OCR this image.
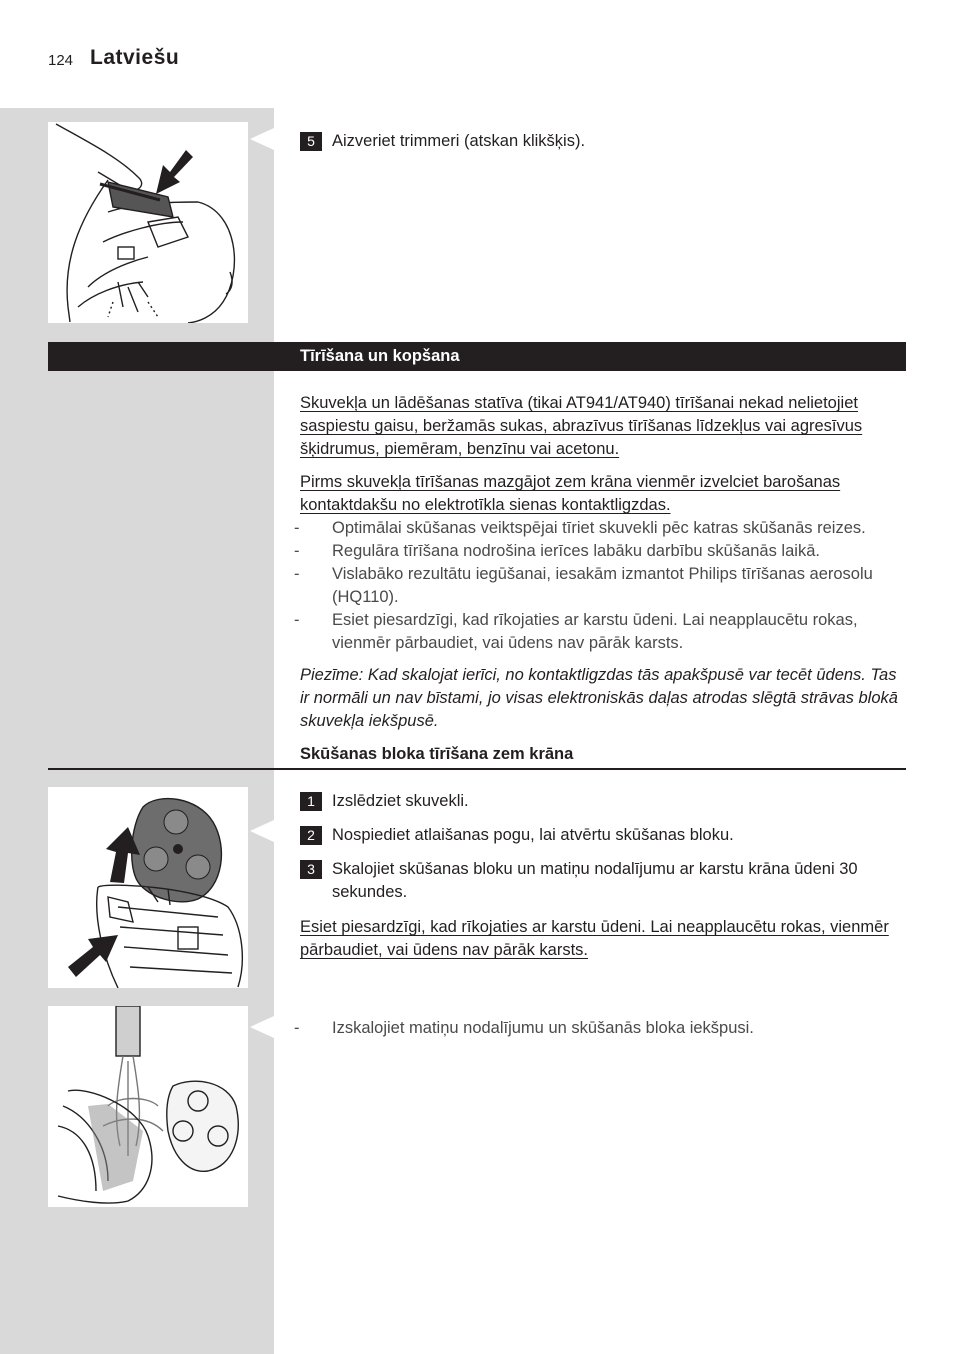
124 Latviešu
5	Aizveriet trimmeri (atskan klikšķis).
Tīrīšana un kopšana
Skuvekļa un lādēšanas statīva (tikai AT941/AT940) tīrīšanai nekad nelietojiet saspiestu gaisu, beržamās sukas, abrazīvus tīrīšanas līdzekļus vai agresīvus šķidrumus, piemēram, benzīnu vai acetonu.
Pirms skuvekļa tīrīšanas mazgājot zem krāna vienmēr izvelciet barošanas kontaktdakšu no elektrotīkla sienas kontaktligzdas.
- Optimālai skūšanas veiktspējai tīriet skuvekli pēc katras skūšanās reizes.
- Regulāra tīrīšana nodrošina ierīces labāku darbību skūšanās laikā.
- Vislabāko rezultātu iegūšanai, iesakām izmantot Philips tīrīšanas aerosolu (HQ110).
- Esiet piesardzīgi, kad rīkojaties ar karstu ūdeni. Lai neapplaucētu rokas, vienmēr pārbaudiet, vai ūdens nav pārāk karsts.
Piezīme: Kad skalojat ierīci, no kontaktligzdas tās apakšpusē var tecēt ūdens. Tas ir normāli un nav bīstami, jo visas elektroniskās daļas atrodas slēgtā strāvas blokā skuvekļa iekšpusē.
Skūšanas bloka tīrīšana zem krāna
1	Izslēdziet skuvekli.
2	Nospiediet atlaišanas pogu, lai atvērtu skūšanas bloku.
3	Skalojiet skūšanas bloku un matiņu nodalījumu ar karstu krāna ūdeni 30 sekundes.
Esiet piesardzīgi, kad rīkojaties ar karstu ūdeni. Lai neapplaucētu rokas, vienmēr pārbaudiet, vai ūdens nav pārāk karsts.
- Izskalojiet matiņu nodalījumu un skūšanās bloka iekšpusi.
